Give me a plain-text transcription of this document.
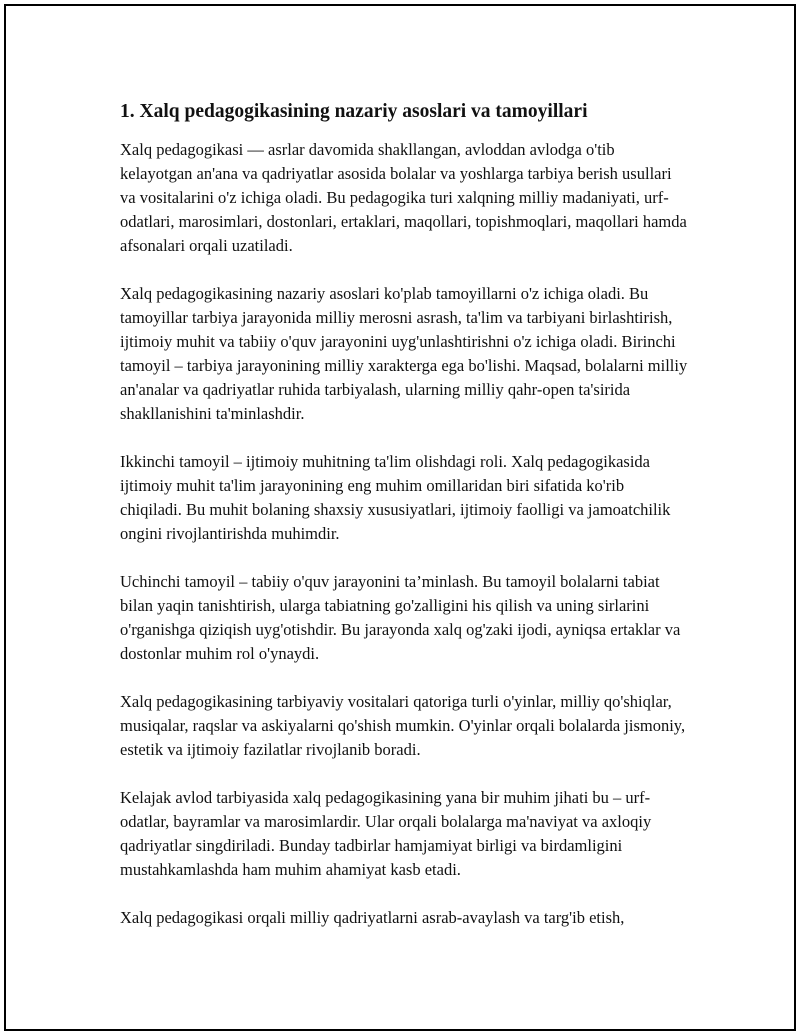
1. Xalq pedagogikasining nazariy asoslari va tamoyillari

Xalq pedagogikasi — asrlar davomida shakllangan, avloddan avlodga o'tib kelayotgan an'ana va qadriyatlar asosida bolalar va yoshlarga tarbiya berish usullari va vositalarini o'z ichiga oladi. Bu pedagogika turi xalqning milliy madaniyati, urf-odatlari, marosimlari, dostonlari, ertaklari, maqollari, topishmoqlari, maqollari hamda afsonalari orqali uzatiladi.

Xalq pedagogikasining nazariy asoslari ko'plab tamoyillarni o'z ichiga oladi. Bu tamoyillar tarbiya jarayonida milliy merosni asrash, ta'lim va tarbiyani birlashtirish, ijtimoiy muhit va tabiiy o'quv jarayonini uyg'unlashtirishni o'z ichiga oladi. Birinchi tamoyil – tarbiya jarayonining milliy xarakterga ega bo'lishi. Maqsad, bolalarni milliy an'analar va qadriyatlar ruhida tarbiyalash, ularning milliy qahr-open ta'sirida shakllanishini ta'minlashdir.

Ikkinchi tamoyil – ijtimoiy muhitning ta'lim olishdagi roli. Xalq pedagogikasida ijtimoiy muhit ta'lim jarayonining eng muhim omillaridan biri sifatida ko'rib chiqiladi. Bu muhit bolaning shaxsiy xususiyatlari, ijtimoiy faolligi va jamoatchilik ongini rivojlantirishda muhimdir.

Uchinchi tamoyil – tabiiy o'quv jarayonini ta’minlash. Bu tamoyil bolalarni tabiat bilan yaqin tanishtirish, ularga tabiatning go'zalligini his qilish va uning sirlarini o'rganishga qiziqish uyg'otishdir. Bu jarayonda xalq og'zaki ijodi, ayniqsa ertaklar va dostonlar muhim rol o'ynaydi.

Xalq pedagogikasining tarbiyaviy vositalari qatoriga turli o'yinlar, milliy qo'shiqlar, musiqalar, raqslar va askiyalarni qo'shish mumkin. O'yinlar orqali bolalarda jismoniy, estetik va ijtimoiy fazilatlar rivojlanib boradi.

Kelajak avlod tarbiyasida xalq pedagogikasining yana bir muhim jihati bu – urf-odatlar, bayramlar va marosimlardir. Ular orqali bolalarga ma'naviyat va axloqiy qadriyatlar singdiriladi. Bunday tadbirlar hamjamiyat birligi va birdamligini mustahkamlashda ham muhim ahamiyat kasb etadi.

Xalq pedagogikasi orqali milliy qadriyatlarni asrab-avaylash va targ'ib etish,
